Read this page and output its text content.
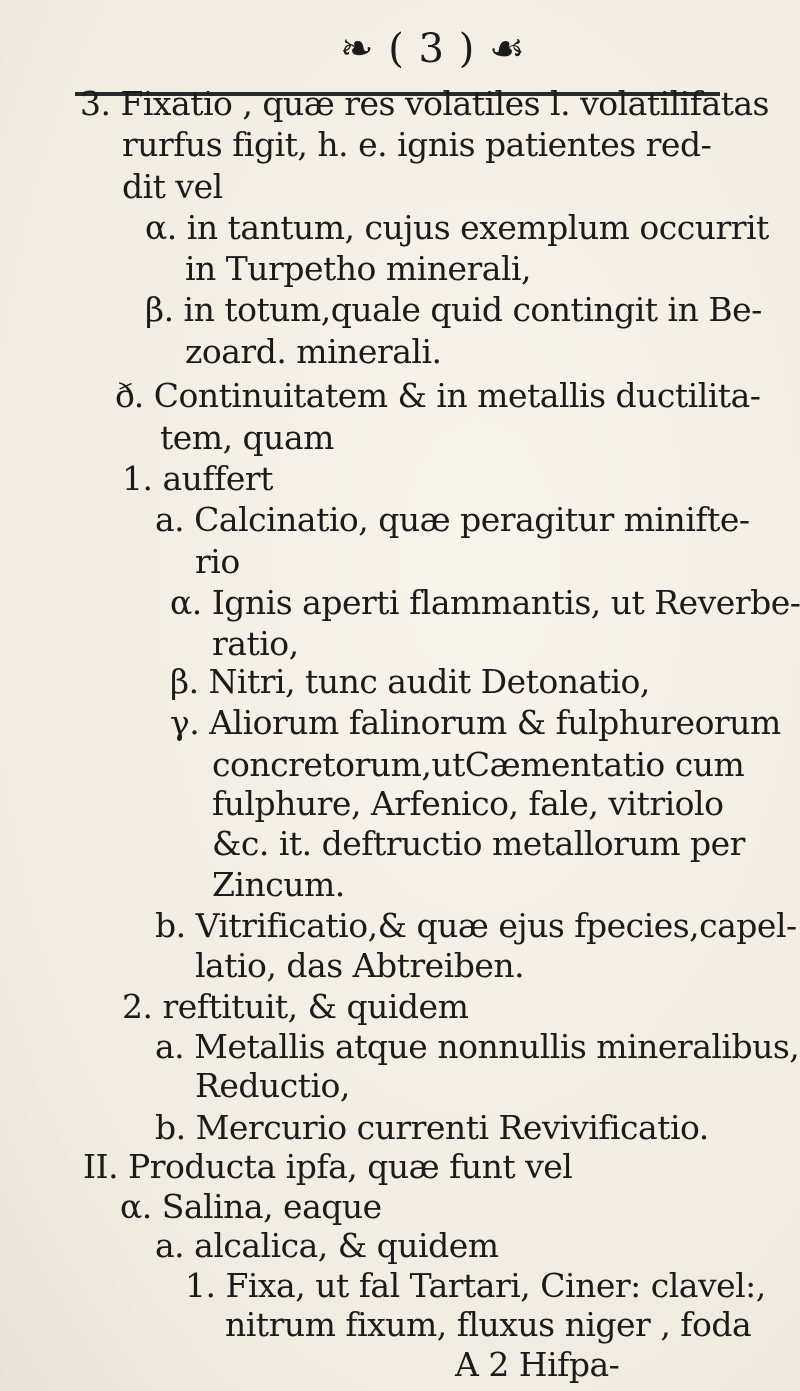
❧ ( 3 ) ☙
3. Fixatio , quæ res volatiles l. volatilifatas
rurfus figit, h. e. ignis patientes red-
dit vel
α. in tantum, cujus exemplum occurrit
in Turpetho minerali,
β. in totum,quale quid contingit in Be-
zoard. minerali.
ð. Continuitatem & in metallis ductilita-
tem, quam
1. auffert
a. Calcinatio, quæ peragitur minifte-
rio
α. Ignis aperti flammantis, ut Reverbe-
ratio,
β. Nitri, tunc audit Detonatio,
γ. Aliorum falinorum & fulphureorum
concretorum,utCæmentatio cum
fulphure, Arfenico, fale, vitriolo
&c. it. deftructio metallorum per
Zincum.
b. Vitrificatio,& quæ ejus fpecies,capel-
latio, das Abtreiben.
2. reftituit, & quidem
a. Metallis atque nonnullis mineralibus,
Reductio,
b. Mercurio currenti Revivificatio.
II. Producta ipfa, quæ funt vel
α. Salina, eaque
a. alcalica, & quidem
1. Fixa, ut fal Tartari, Ciner: clavel:,
nitrum fixum, fluxus niger , foda
A 2 Hifpa-
